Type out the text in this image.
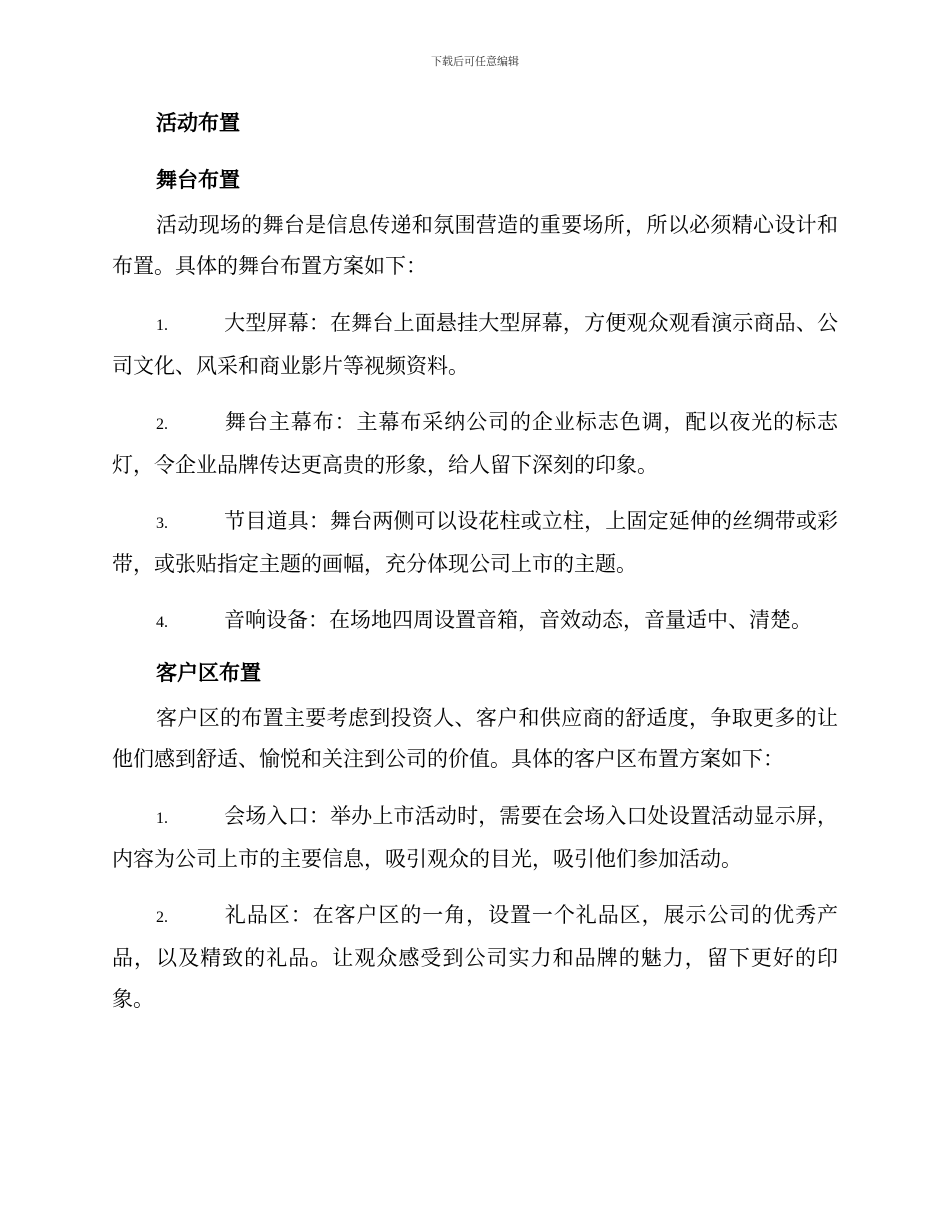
下载后可任意编辑

活动布置

舞台布置

活动现场的舞台是信息传递和氛围营造的重要场所，所以必须精心设计和布置。具体的舞台布置方案如下：

1.	大型屏幕：在舞台上面悬挂大型屏幕，方便观众观看演示商品、公司文化、风采和商业影片等视频资料。

2.	舞台主幕布：主幕布采纳公司的企业标志色调，配以夜光的标志灯，令企业品牌传达更高贵的形象，给人留下深刻的印象。

3.	节目道具：舞台两侧可以设花柱或立柱，上固定延伸的丝绸带或彩带，或张贴指定主题的画幅，充分体现公司上市的主题。

4.	音响设备：在场地四周设置音箱，音效动态，音量适中、清楚。

客户区布置

客户区的布置主要考虑到投资人、客户和供应商的舒适度，争取更多的让他们感到舒适、愉悦和关注到公司的价值。具体的客户区布置方案如下：

1.	会场入口：举办上市活动时，需要在会场入口处设置活动显示屏，内容为公司上市的主要信息，吸引观众的目光，吸引他们参加活动。

2.	礼品区：在客户区的一角，设置一个礼品区，展示公司的优秀产品，以及精致的礼品。让观众感受到公司实力和品牌的魅力，留下更好的印象。
